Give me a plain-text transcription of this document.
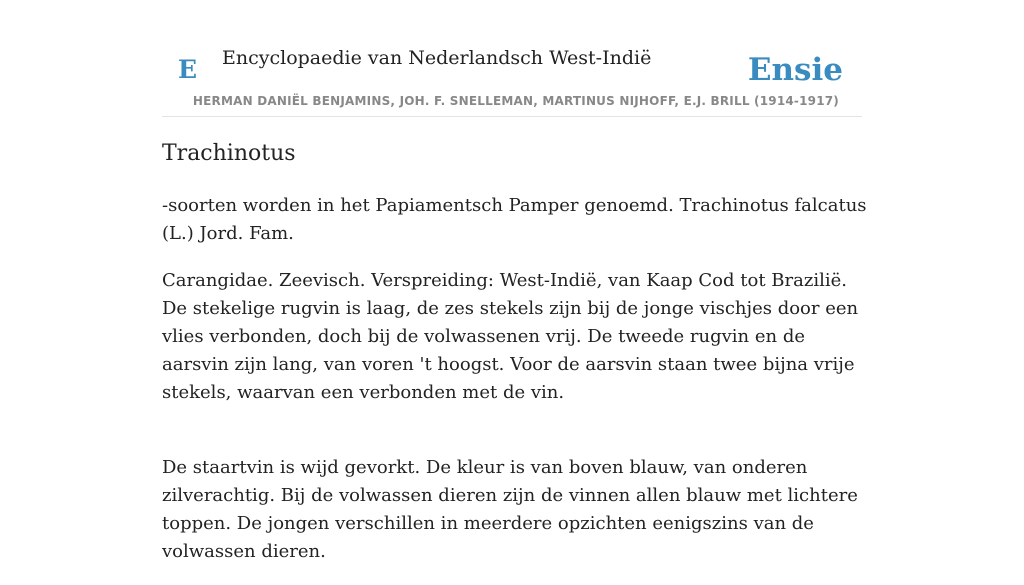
E Encyclopaedie van Nederlandsch West-Indië	Ensie
HERMAN DANIËL BENJAMINS, JOH. F. SNELLEMAN, MARTINUS NIJHOFF, E.J. BRILL (1914-1917)
Trachinotus

-soorten worden in het Papiamentsch Pamper genoemd. Trachinotus falcatus (L.) Jord. Fam.

Carangidae. Zeevisch. Verspreiding: West-Indië, van Kaap Cod tot Brazilië. De stekelige rugvin is laag, de zes stekels zijn bij de jonge vischjes door een vlies verbonden, doch bij de volwassenen vrij. De tweede rugvin en de aarsvin zijn lang, van voren 't hoogst. Voor de aarsvin staan twee bijna vrije stekels, waarvan een verbonden met de vin.

De staartvin is wijd gevorkt. De kleur is van boven blauw, van onderen zilverachtig. Bij de volwassen dieren zijn de vinnen allen blauw met lichtere toppen. De jongen verschillen in meerdere opzichten eenigszins van de volwassen dieren.
